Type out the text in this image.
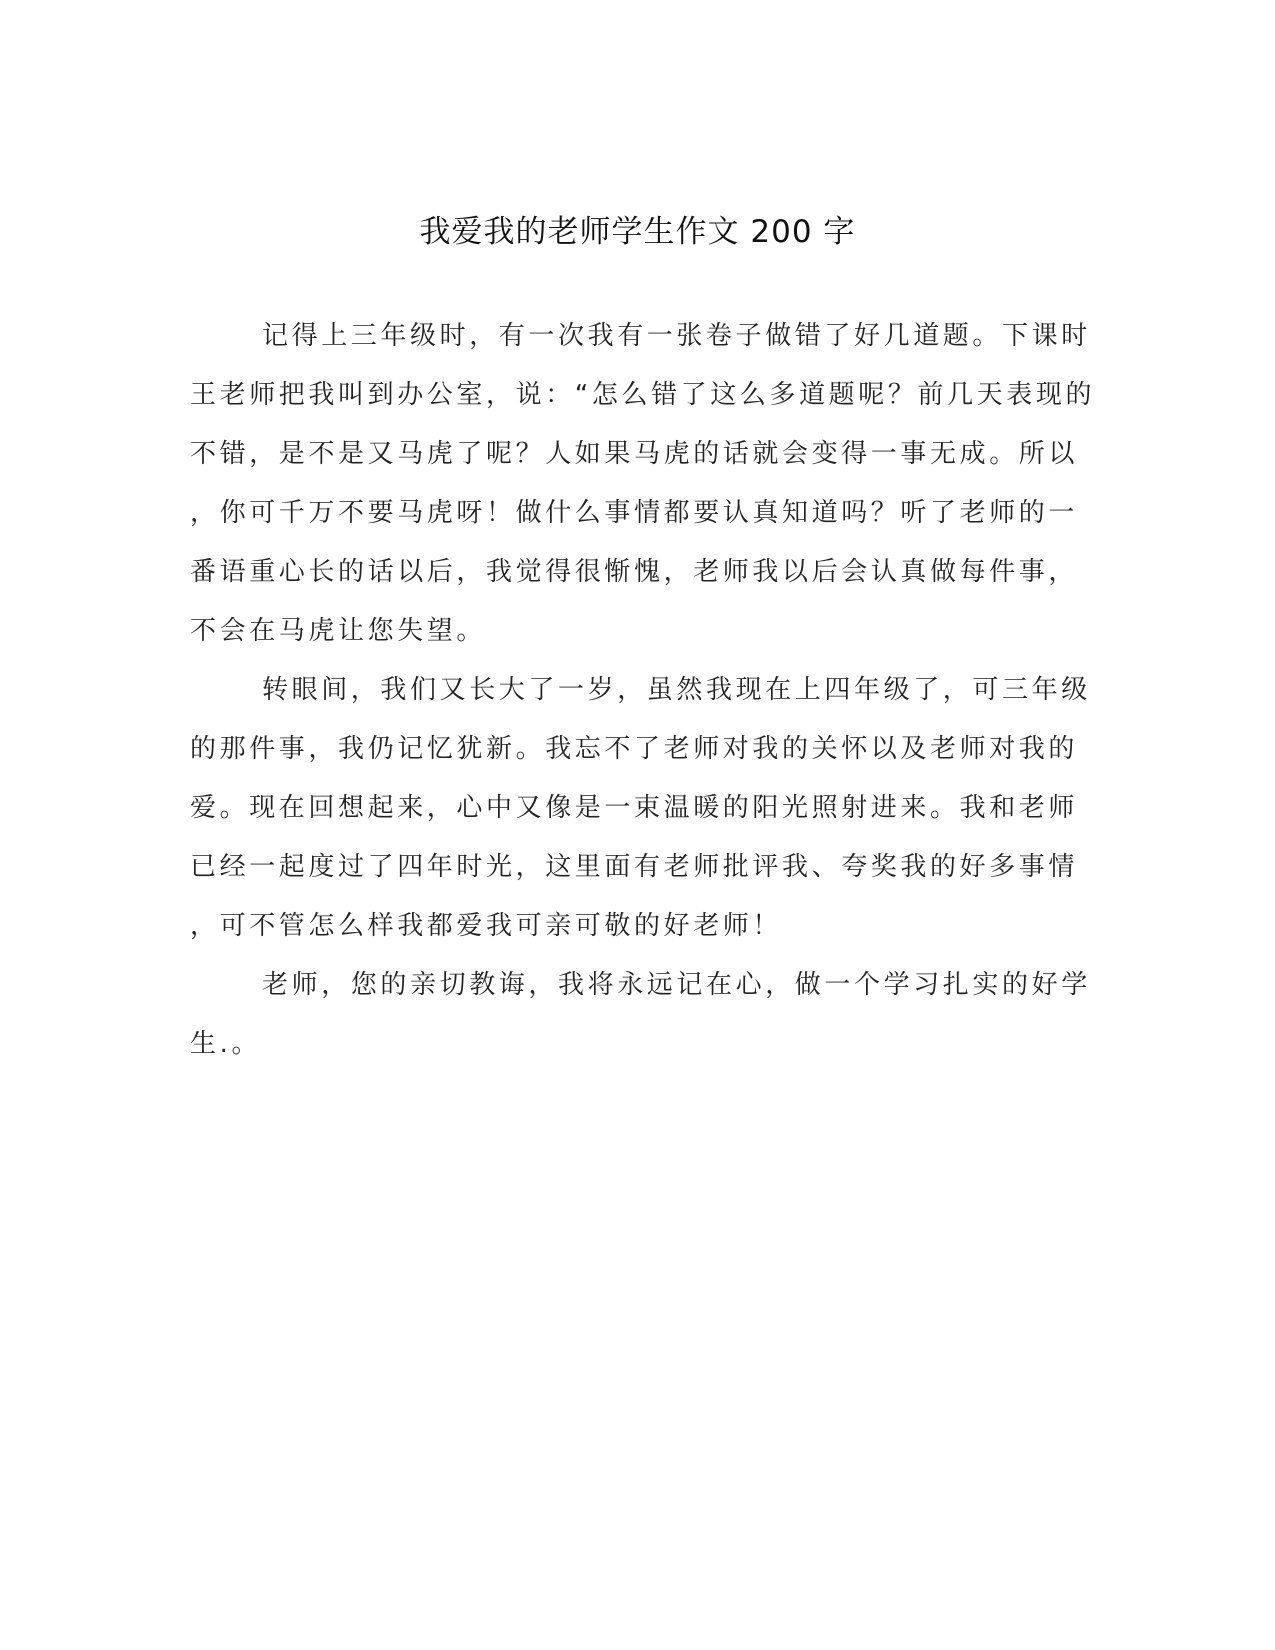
我爱我的老师学生作文 200 字
记得上三年级时，有一次我有一张卷子做错了好几道题。下课时
王老师把我叫到办公室，说：“怎么错了这么多道题呢？前几天表现的
不错，是不是又马虎了呢？人如果马虎的话就会变得一事无成。所以
，你可千万不要马虎呀！做什么事情都要认真知道吗？听了老师的一
番语重心长的话以后，我觉得很惭愧，老师我以后会认真做每件事，
不会在马虎让您失望。
转眼间，我们又长大了一岁，虽然我现在上四年级了，可三年级
的那件事，我仍记忆犹新。我忘不了老师对我的关怀以及老师对我的
爱。现在回想起来，心中又像是一束温暖的阳光照射进来。我和老师
已经一起度过了四年时光，这里面有老师批评我、夸奖我的好多事情
，可不管怎么样我都爱我可亲可敬的好老师！
老师，您的亲切教诲，我将永远记在心，做一个学习扎实的好学
生.。
